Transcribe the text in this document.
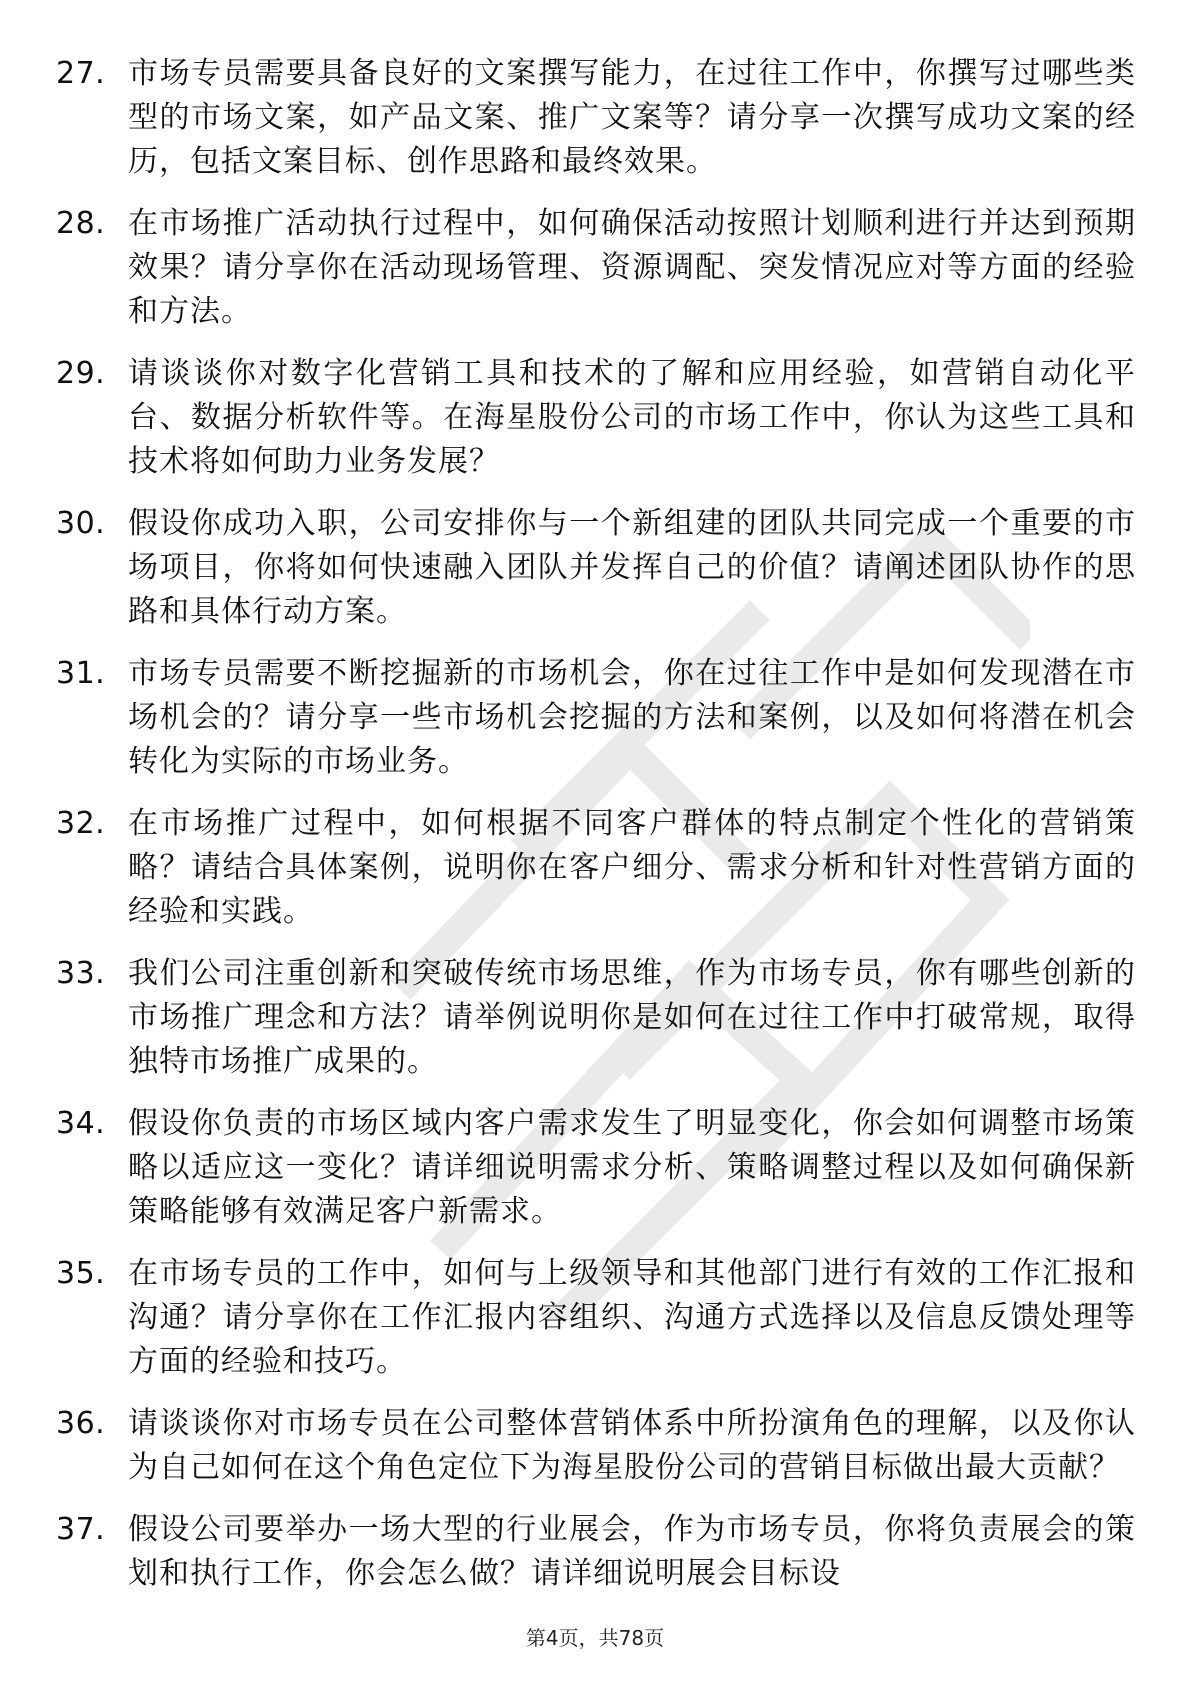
27. 市场专员需要具备良好的文案撰写能力，在过往工作中，你撰写过哪些类型的市场文案，如产品文案、推广文案等？请分享一次撰写成功文案的经历，包括文案目标、创作思路和最终效果。
28. 在市场推广活动执行过程中，如何确保活动按照计划顺利进行并达到预期效果？请分享你在活动现场管理、资源调配、突发情况应对等方面的经验和方法。
29. 请谈谈你对数字化营销工具和技术的了解和应用经验，如营销自动化平台、数据分析软件等。在海星股份公司的市场工作中，你认为这些工具和技术将如何助力业务发展？
30. 假设你成功入职，公司安排你与一个新组建的团队共同完成一个重要的市场项目，你将如何快速融入团队并发挥自己的价值？请阐述团队协作的思路和具体行动方案。
31. 市场专员需要不断挖掘新的市场机会，你在过往工作中是如何发现潜在市场机会的？请分享一些市场机会挖掘的方法和案例，以及如何将潜在机会转化为实际的市场业务。
32. 在市场推广过程中，如何根据不同客户群体的特点制定个性化的营销策略？请结合具体案例，说明你在客户细分、需求分析和针对性营销方面的经验和实践。
33. 我们公司注重创新和突破传统市场思维，作为市场专员，你有哪些创新的市场推广理念和方法？请举例说明你是如何在过往工作中打破常规，取得独特市场推广成果的。
34. 假设你负责的市场区域内客户需求发生了明显变化，你会如何调整市场策略以适应这一变化？请详细说明需求分析、策略调整过程以及如何确保新策略能够有效满足客户新需求。
35. 在市场专员的工作中，如何与上级领导和其他部门进行有效的工作汇报和沟通？请分享你在工作汇报内容组织、沟通方式选择以及信息反馈处理等方面的经验和技巧。
36. 请谈谈你对市场专员在公司整体营销体系中所扮演角色的理解，以及你认为自己如何在这个角色定位下为海星股份公司的营销目标做出最大贡献？
37. 假设公司要举办一场大型的行业展会，作为市场专员，你将负责展会的策划和执行工作，你会怎么做？请详细说明展会目标设
第4页，共78页
